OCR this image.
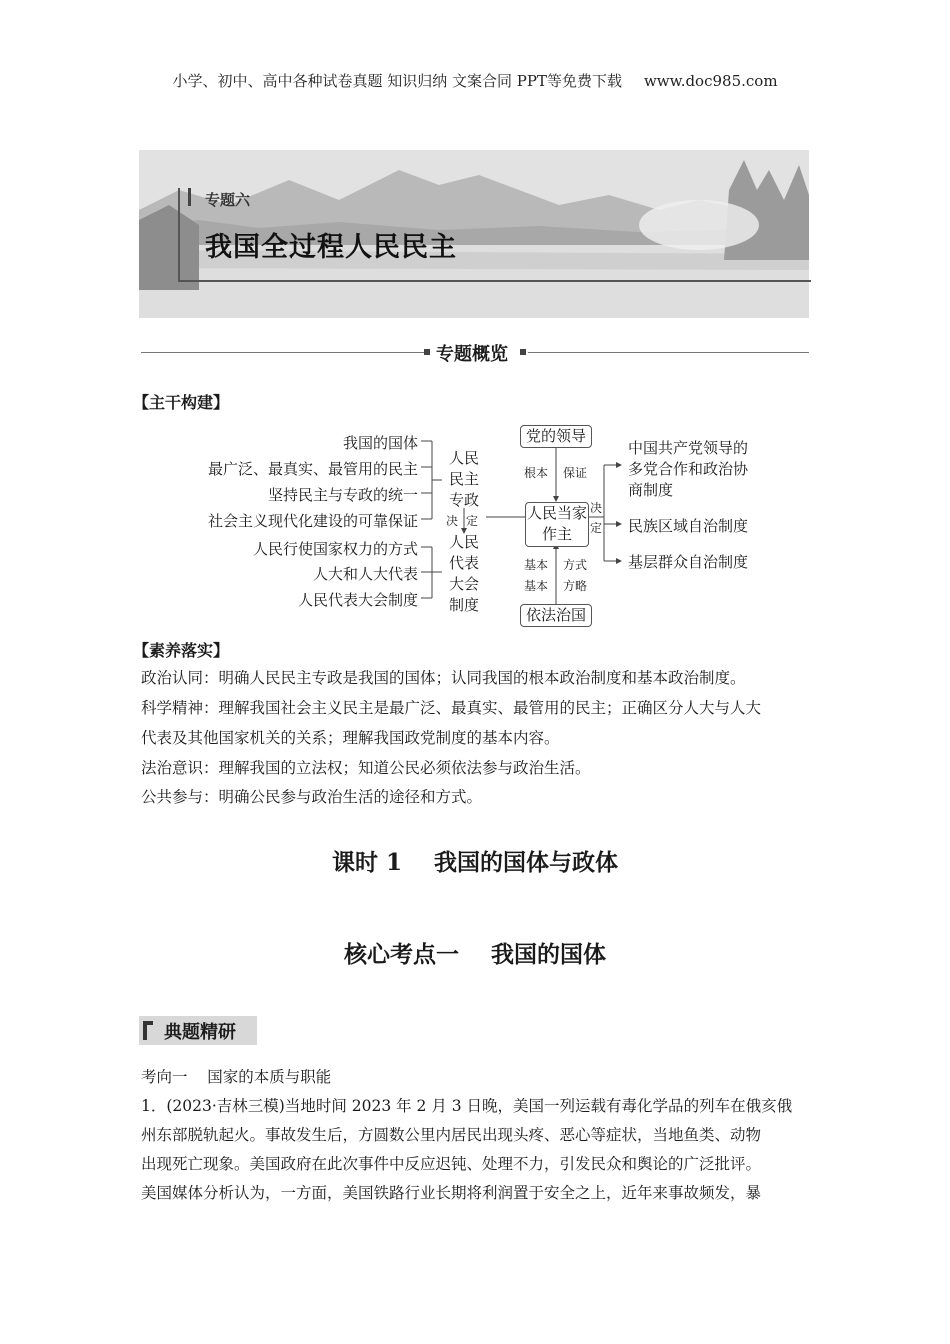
小学、初中、高中各种试卷真题 知识归纳 文案合同 PPT等免费下载 www.doc985.com
专题六
我国全过程人民民主
专题概览
【主干构建】
我国的国体
最广泛、最真实、最管用的民主
坚持民主与专政的统一
社会主义现代化建设的可靠保证
人民行使国家权力的方式
人大和人大代表
人民代表大会制度
人民民主专政
决定
人民代表大会制度
党的领导
根本 保证
人民当家作主
基本 方式
基本 方略
依法治国
决定
中国共产党领导的
多党合作和政治协
商制度
民族区域自治制度
基层群众自治制度
【素养落实】
政治认同：明确人民民主专政是我国的国体；认同我国的根本政治制度和基本政治制度。
科学精神：理解我国社会主义民主是最广泛、最真实、最管用的民主；正确区分人大与人大
代表及其他国家机关的关系；理解我国政党制度的基本内容。
法治意识：理解我国的立法权；知道公民必须依法参与政治生活。
公共参与：明确公民参与政治生活的途径和方式。
课时 1    我国的国体与政体
核心考点一    我国的国体
典题精研
考向一    国家的本质与职能
1．(2023·吉林三模)当地时间 2023 年 2 月 3 日晚，美国一列运载有毒化学品的列车在俄亥俄
州东部脱轨起火。事故发生后，方圆数公里内居民出现头疼、恶心等症状，当地鱼类、动物
出现死亡现象。美国政府在此次事件中反应迟钝、处理不力，引发民众和舆论的广泛批评。
美国媒体分析认为，一方面，美国铁路行业长期将利润置于安全之上，近年来事故频发，暴
